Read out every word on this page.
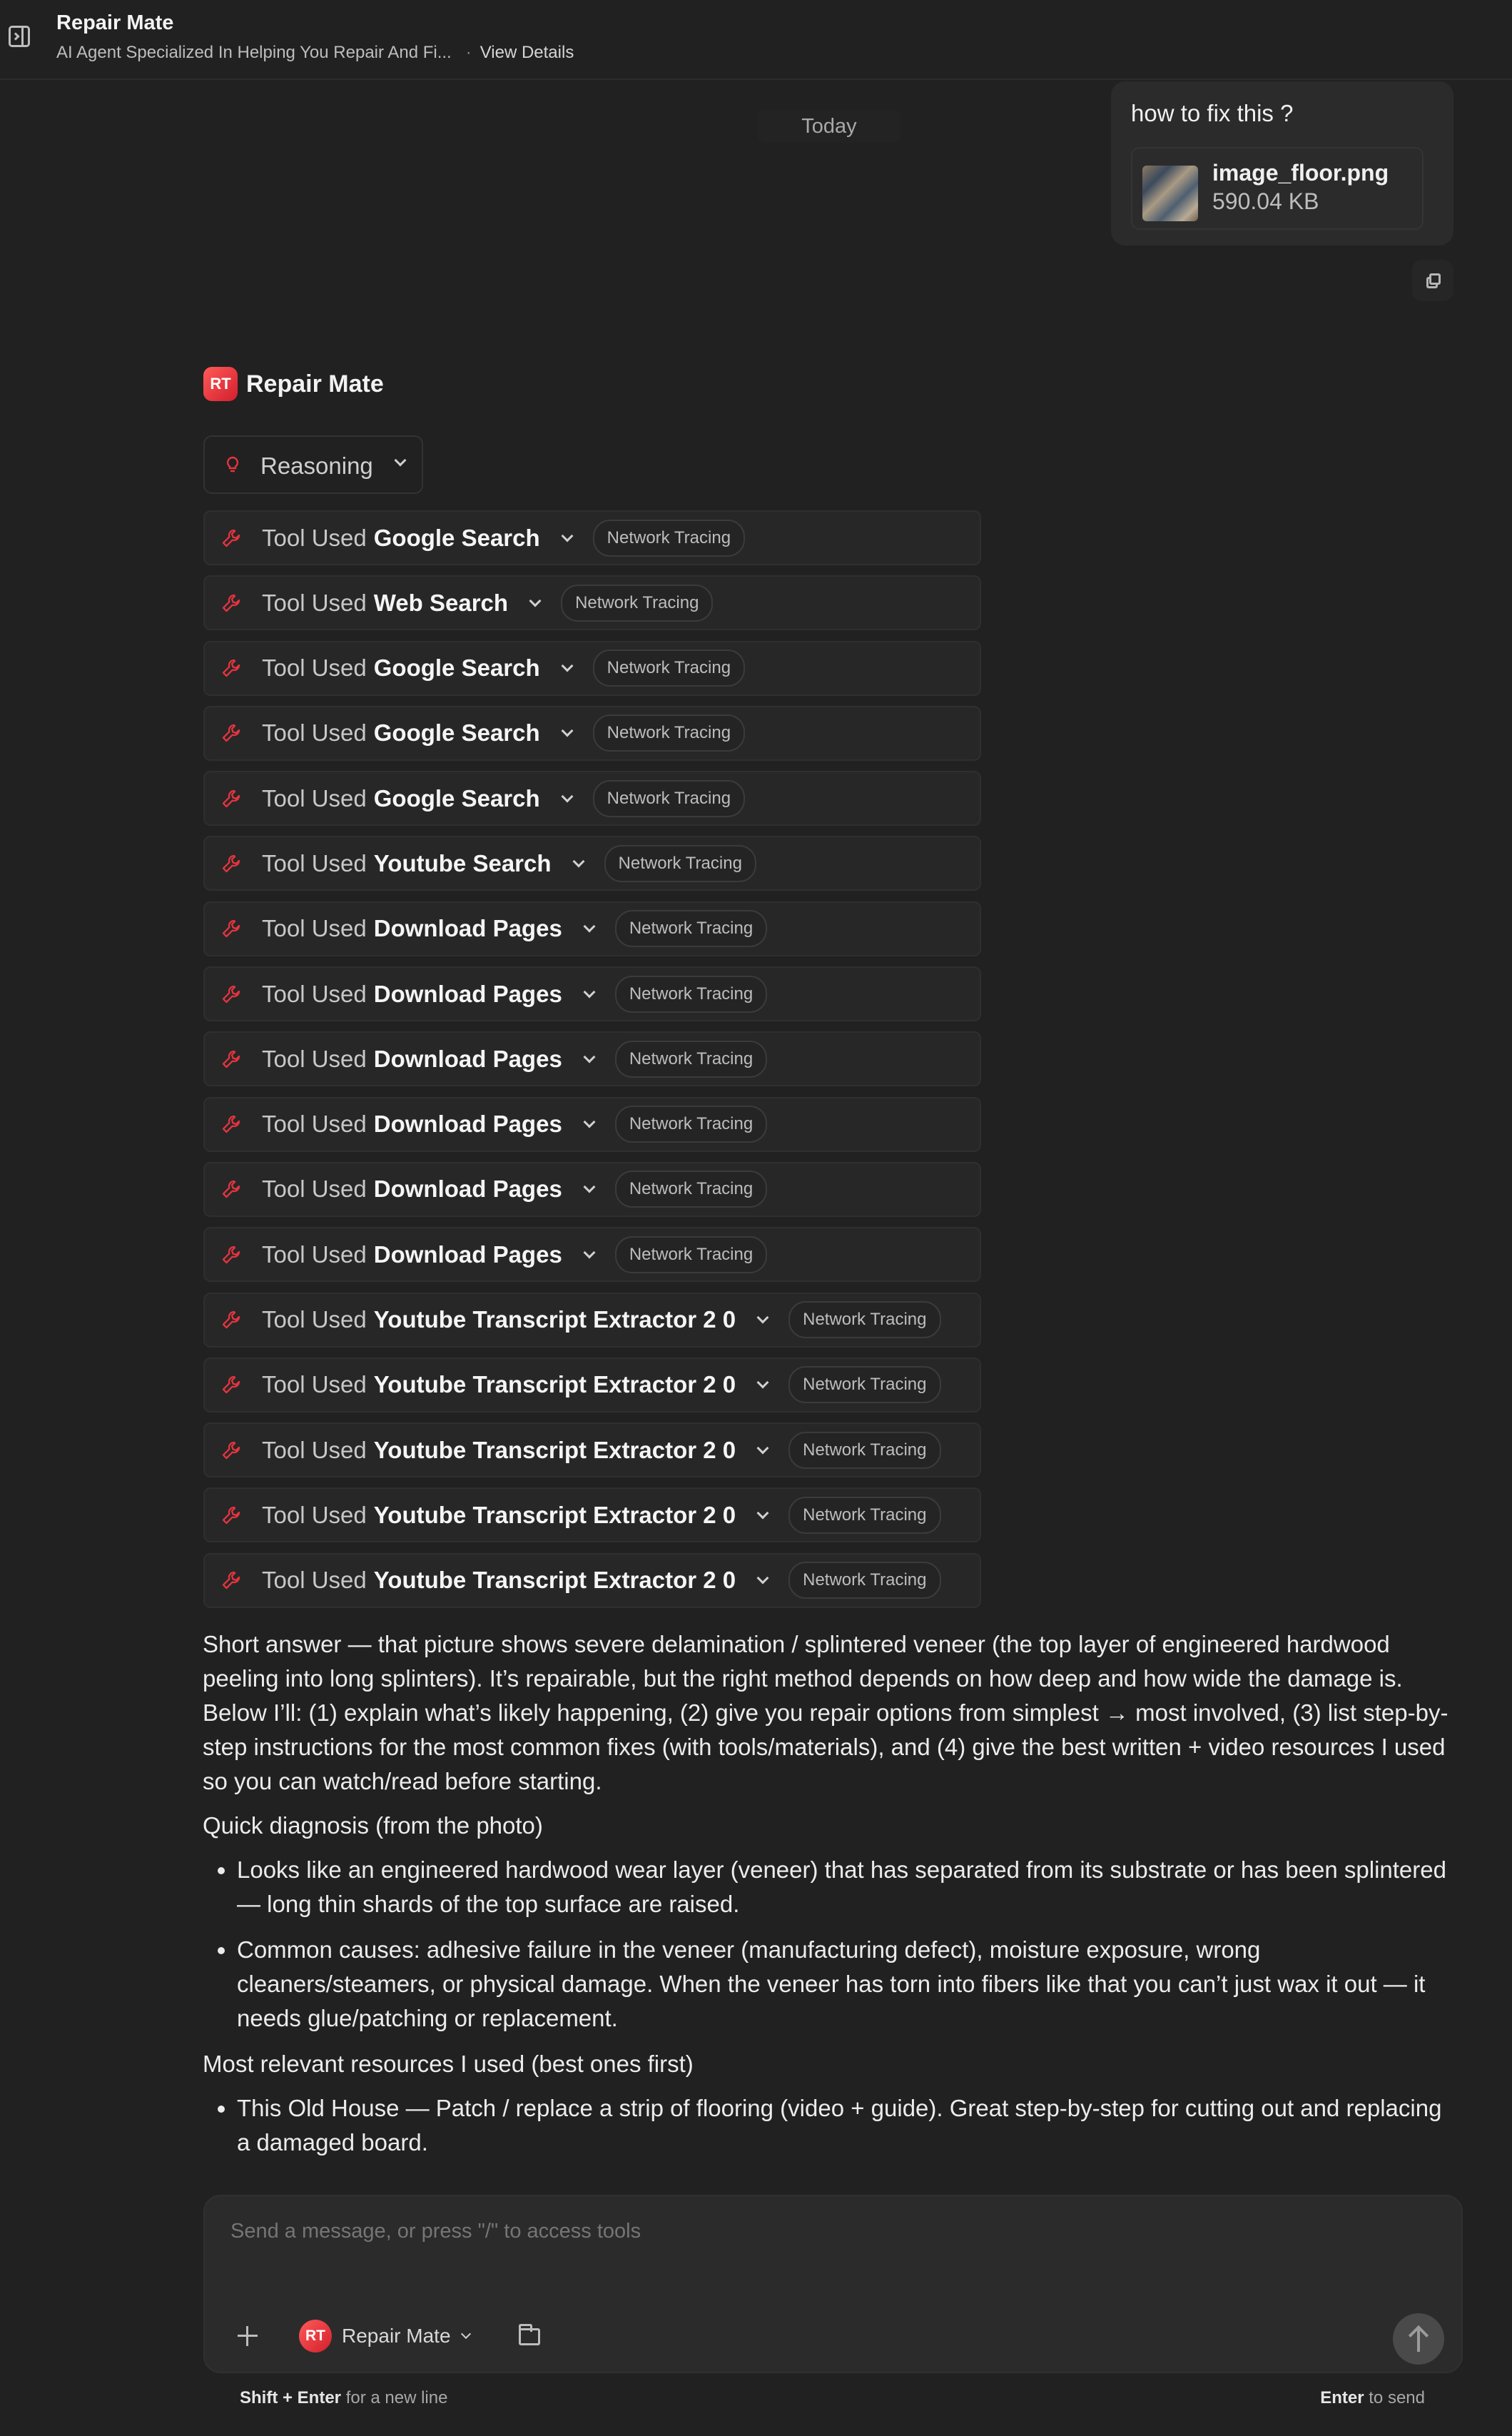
Repair Mate
AI Agent Specialized In Helping You Repair And Fi... · View Details
Today	how to fix this ?
image_floor.png
590.04 KB
RT Repair Mate
Reasoning
Tool Used Google Search	Network Tracing
Tool Used Web Search	Network Tracing
Tool Used Google Search	Network Tracing
Tool Used Google Search	Network Tracing
Tool Used Google Search	Network Tracing
Tool Used Youtube Search	Network Tracing
Tool Used Download Pages	Network Tracing
Tool Used Download Pages	Network Tracing
Tool Used Download Pages	Network Tracing
Tool Used Download Pages	Network Tracing
Tool Used Download Pages	Network Tracing
Tool Used Download Pages	Network Tracing
Tool Used Youtube Transcript Extractor 2 0	Network Tracing
Tool Used Youtube Transcript Extractor 2 0	Network Tracing
Tool Used Youtube Transcript Extractor 2 0	Network Tracing
Tool Used Youtube Transcript Extractor 2 0	Network Tracing
Tool Used Youtube Transcript Extractor 2 0	Network Tracing

Short answer — that picture shows severe delamination / splintered veneer (the top layer of engineered hardwood peeling into long splinters). It’s repairable, but the right method depends on how deep and how wide the damage is. Below I’ll: (1) explain what’s likely happening, (2) give you repair options from simplest → most involved, (3) list step-by-step instructions for the most common fixes (with tools/materials), and (4) give the best written + video resources I used so you can watch/read before starting.

Quick diagnosis (from the photo)

• Looks like an engineered hardwood wear layer (veneer) that has separated from its substrate or has been splintered — long thin shards of the top surface are raised.
• Common causes: adhesive failure in the veneer (manufacturing defect), moisture exposure, wrong cleaners/steamers, or physical damage. When the veneer has torn into fibers like that you can’t just wax it out — it needs glue/patching or replacement.

Most relevant resources I used (best ones first)

• This Old House — Patch / replace a strip of flooring (video + guide). Great step-by-step for cutting out and replacing a damaged board.
Send a message, or press "/" to access tools
RT Repair Mate
Shift + Enter for a new line	Enter to send
